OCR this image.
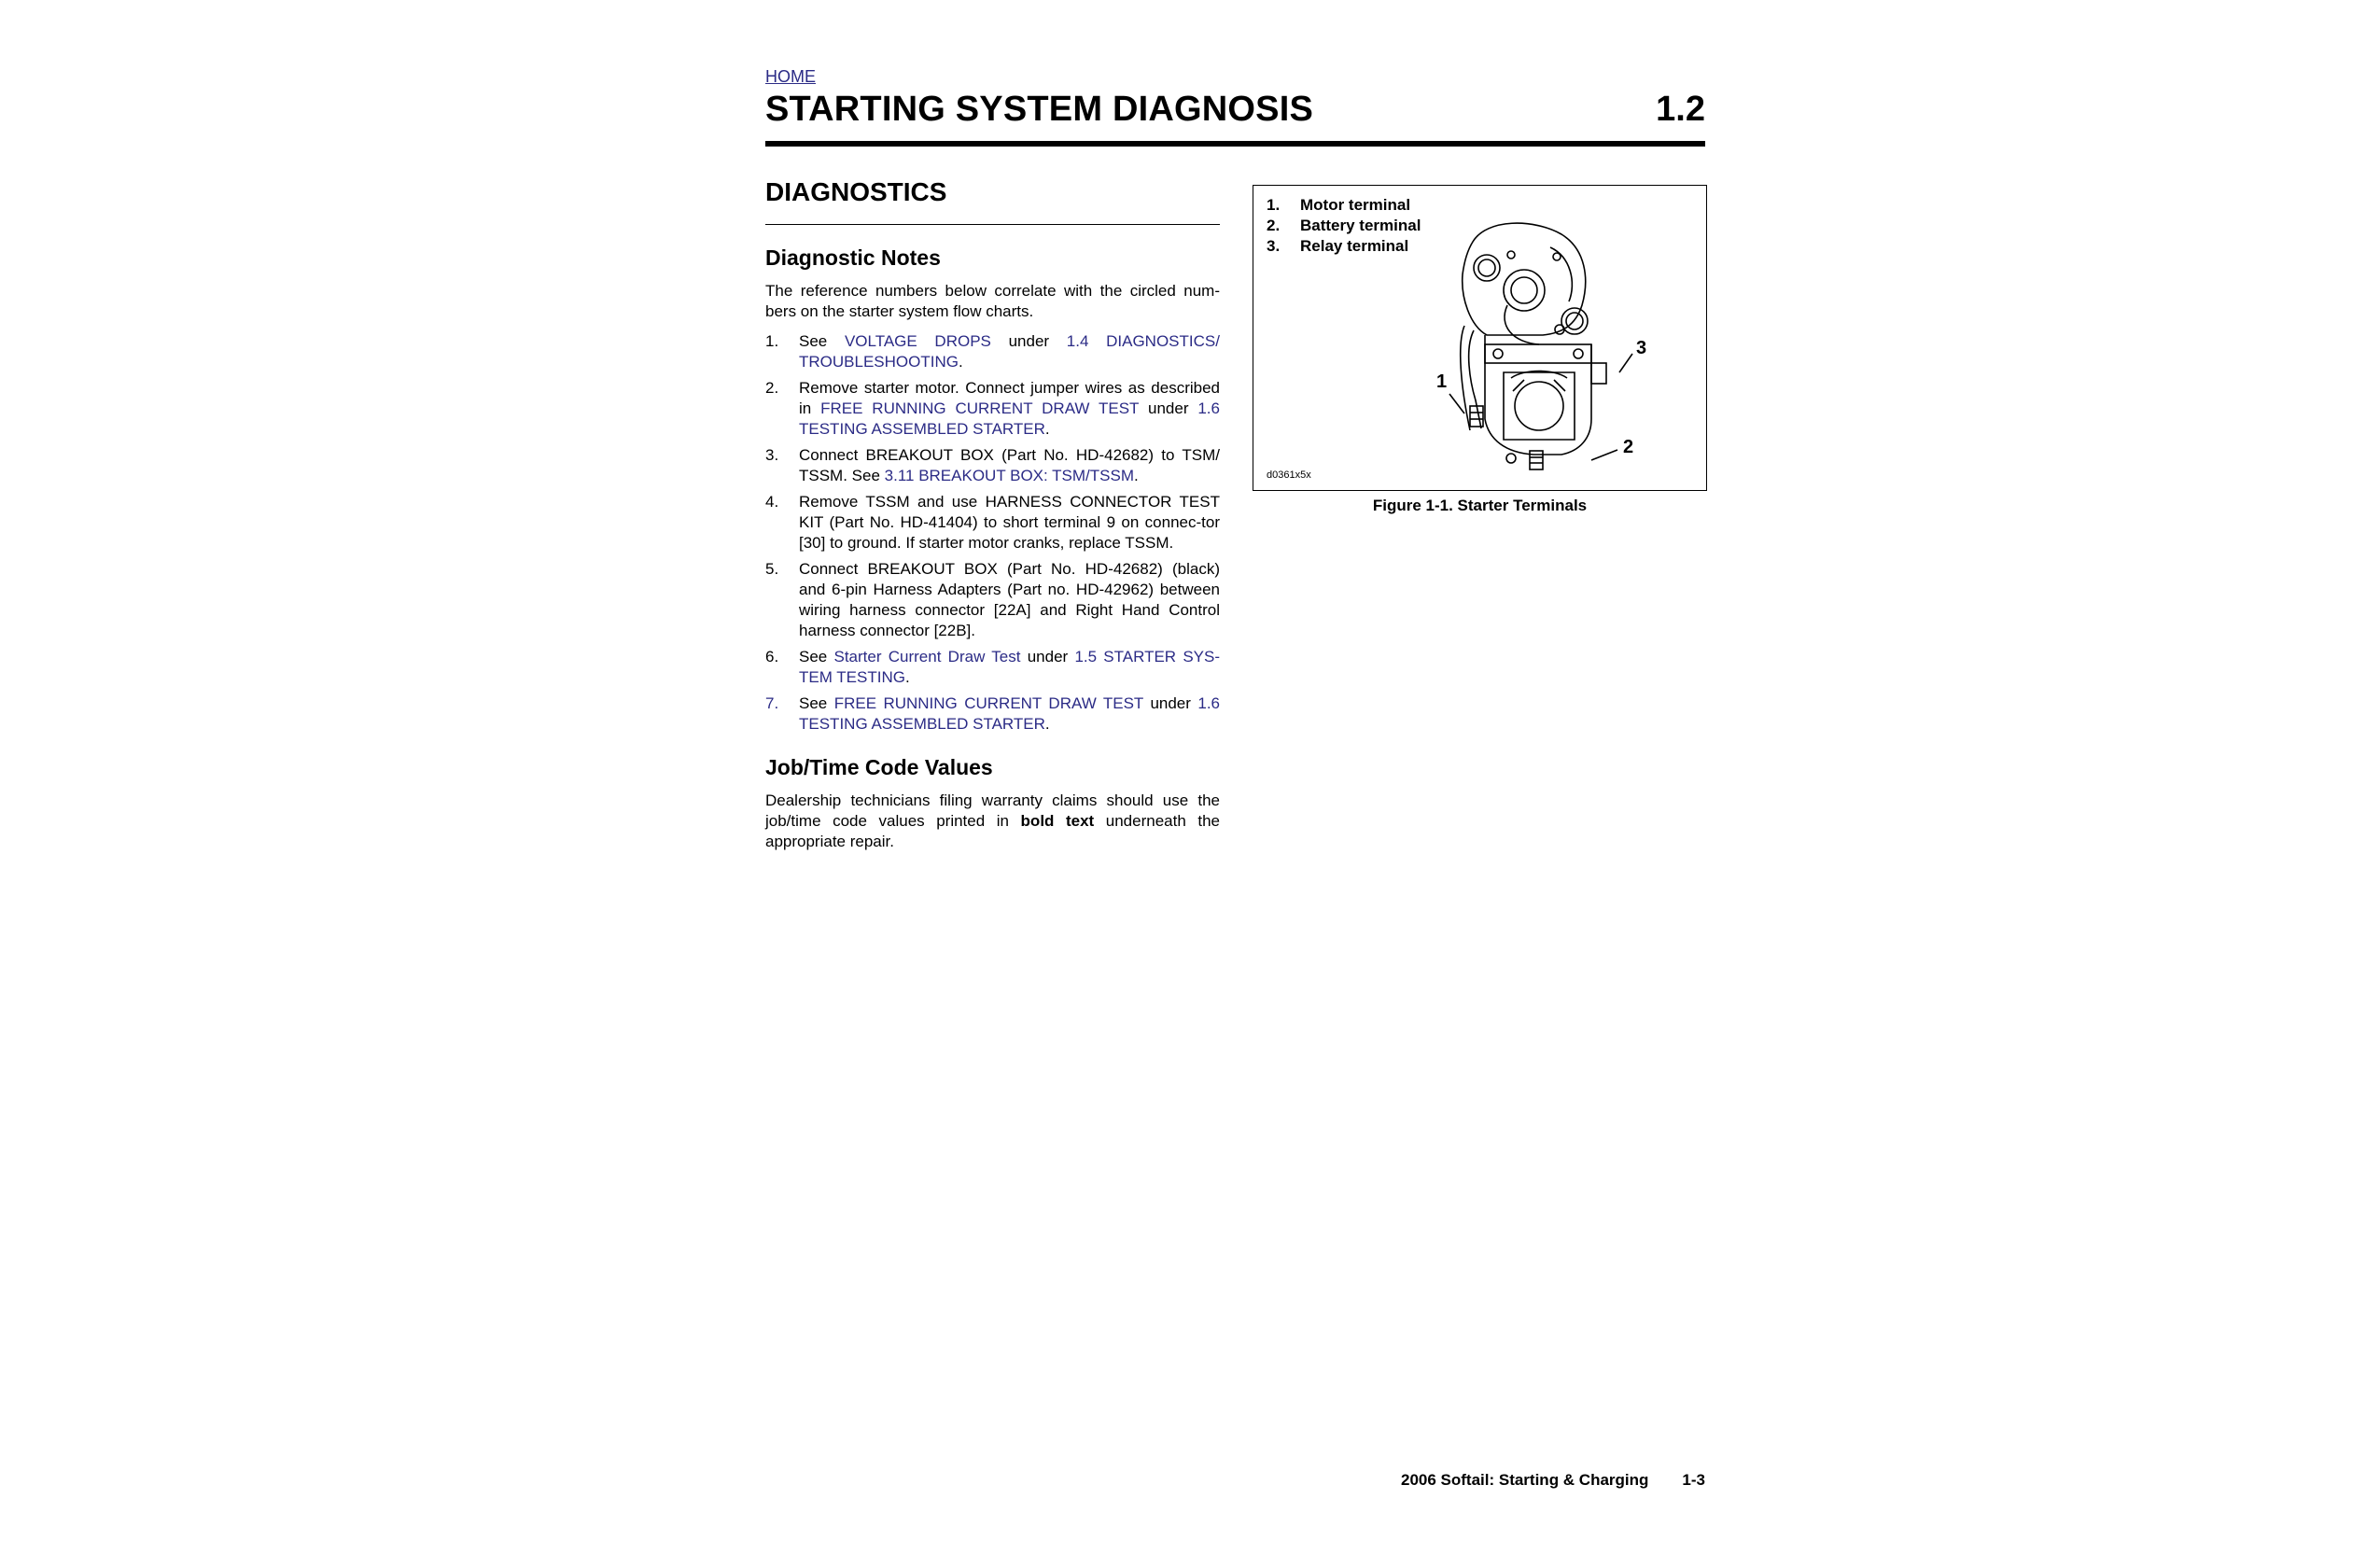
HOME
STARTING SYSTEM DIAGNOSIS	1.2
DIAGNOSTICS
Diagnostic Notes

The reference numbers below correlate with the circled num-bers on the starter system flow charts.

1. See VOLTAGE DROPS under 1.4 DIAGNOSTICS/ TROUBLESHOOTING.
2. Remove starter motor. Connect jumper wires as described in FREE RUNNING CURRENT DRAW TEST under 1.6 TESTING ASSEMBLED STARTER.
3. Connect BREAKOUT BOX (Part No. HD-42682) to TSM/ TSSM. See 3.11 BREAKOUT BOX: TSM/TSSM.
4. Remove TSSM and use HARNESS CONNECTOR TEST KIT (Part No. HD-41404) to short terminal 9 on connec-tor [30] to ground. If starter motor cranks, replace TSSM.
5. Connect BREAKOUT BOX (Part No. HD-42682) (black) and 6-pin Harness Adapters (Part no. HD-42962) between wiring harness connector [22A] and Right Hand Control harness connector [22B].
6. See Starter Current Draw Test under 1.5 STARTER SYS-TEM TESTING.
7. See FREE RUNNING CURRENT DRAW TEST under 1.6 TESTING ASSEMBLED STARTER.
Job/Time Code Values

Dealership technicians filing warranty claims should use the job/time code values printed in bold text underneath the appropriate repair.

1. Motor terminal
2. Battery terminal
3. Relay terminal
1
2
3
d0361x5x
Figure 1-1. Starter Terminals
2006 Softail: Starting & Charging 1-3
